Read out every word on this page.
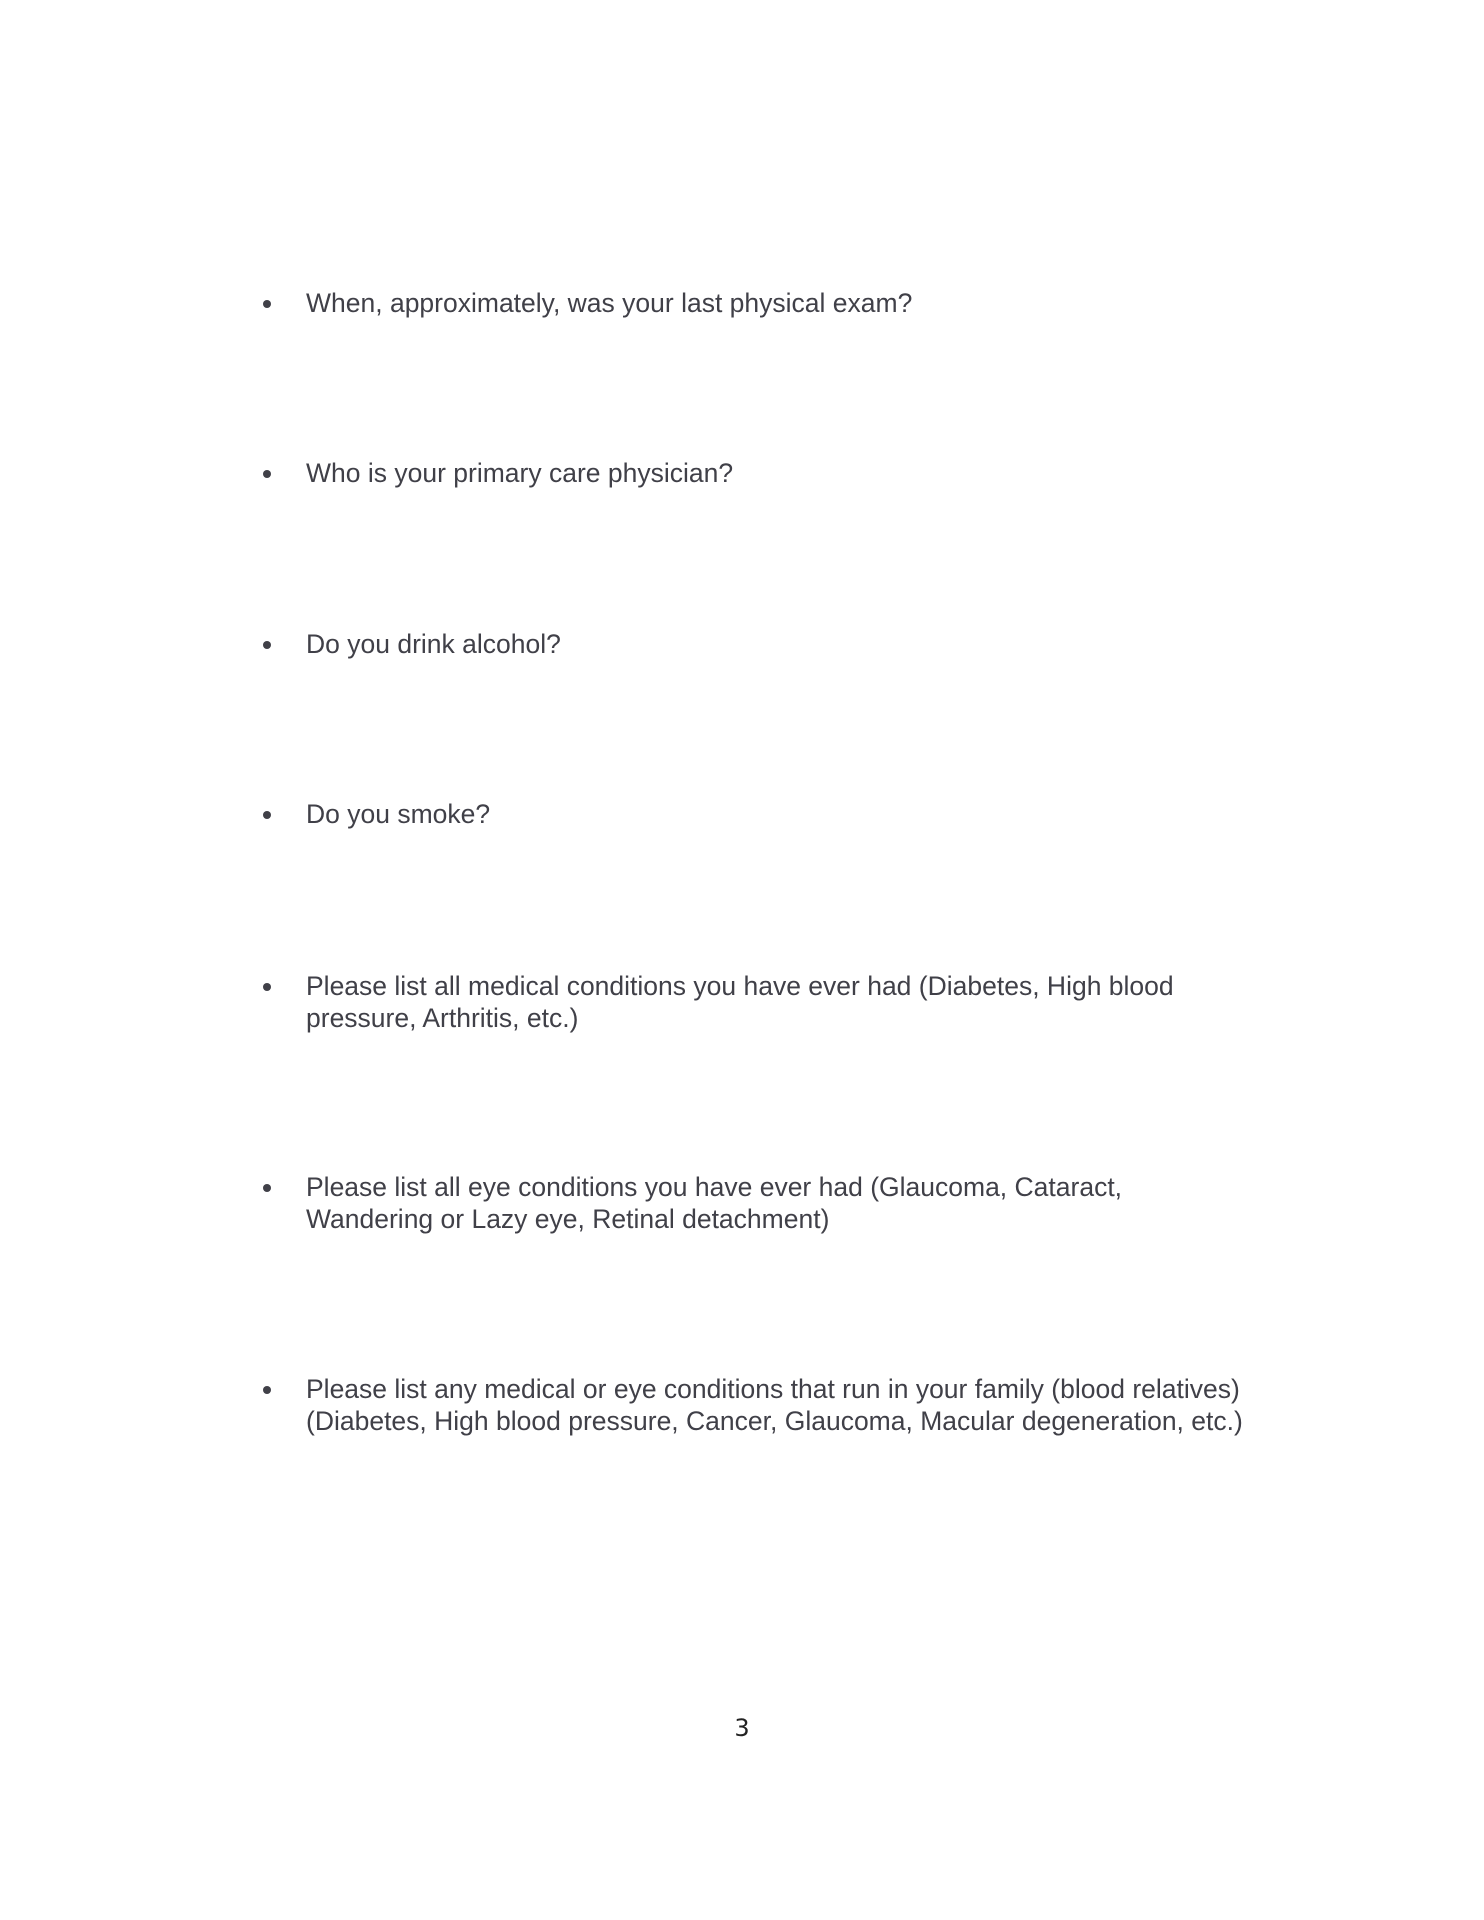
When, approximately, was your last physical exam?
Who is your primary care physician?
Do you drink alcohol?
Do you smoke?
Please list all medical conditions you have ever had (Diabetes, High blood pressure, Arthritis, etc.)
Please list all eye conditions you have ever had (Glaucoma, Cataract, Wandering or Lazy eye, Retinal detachment)
Please list any medical or eye conditions that run in your family (blood relatives) (Diabetes, High blood pressure, Cancer, Glaucoma, Macular degeneration, etc.)
3
